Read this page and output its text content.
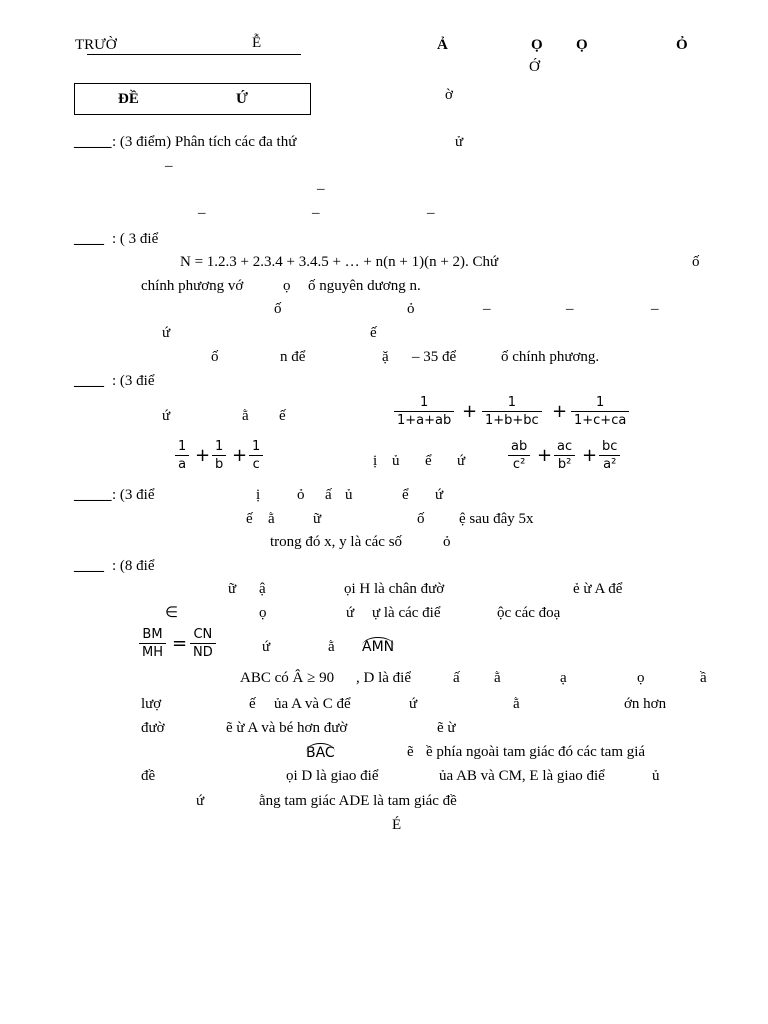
TRƯỜ	Ễ	Ả	Ọ Ọ	Ỏ
Ớ
ĐỀ	Ứ	ờ
_____ : (3 điểm) Phân tích các đa thứ	ử
–
–
–	–	–
____ : ( 3 điể
N = 1.2.3 + 2.3.4 + 3.4.5 + … + n(n + 1)(n + 2). Chứ	ố
chính phương vớ	ọ ố nguyên dương n.
ố	ỏ	–	–	–
ứ	ế
ố	n để	ặ – 35 để	ố chính phương.
____ : (3 điể
ứ	ằ ế
1
1+a+ab + 1
1+b+bc + 1
1+c+ca
1
a + 1
b + 1
c	ị ủ ể ứ
ab
c² + ac
b² + bc
a²
_____ : (3 điể	ị ỏ ấ ủ	ể ứ
ế ằ	ữ	ố ệ sau đây 5x
trong đó x, y là các số	ỏ
____ : (8 điể
ữ ậ	ọi H là chân đườ	ẻ ừ A để
∈	ọ	ứ ự là các điể	ộc các đoạ
BM
MH = CN
ND	ứ	ằ AMN
ABC có Â ≥ 90 , D là điể	ấ ằ	ạ	ọ	ầ
lượ	ế ủa A và C để	ứ	ằ	ớn hơn
đườ	ẽ ừ A và bé hơn đườ	ẽ ừ
BAC	ẽ ề phía ngoài tam giác đó các tam giá
đề	ọi D là giao điể	ủa AB và CM, E là giao điể	ủ
ứ	ằng tam giác ADE là tam giác đề
É
